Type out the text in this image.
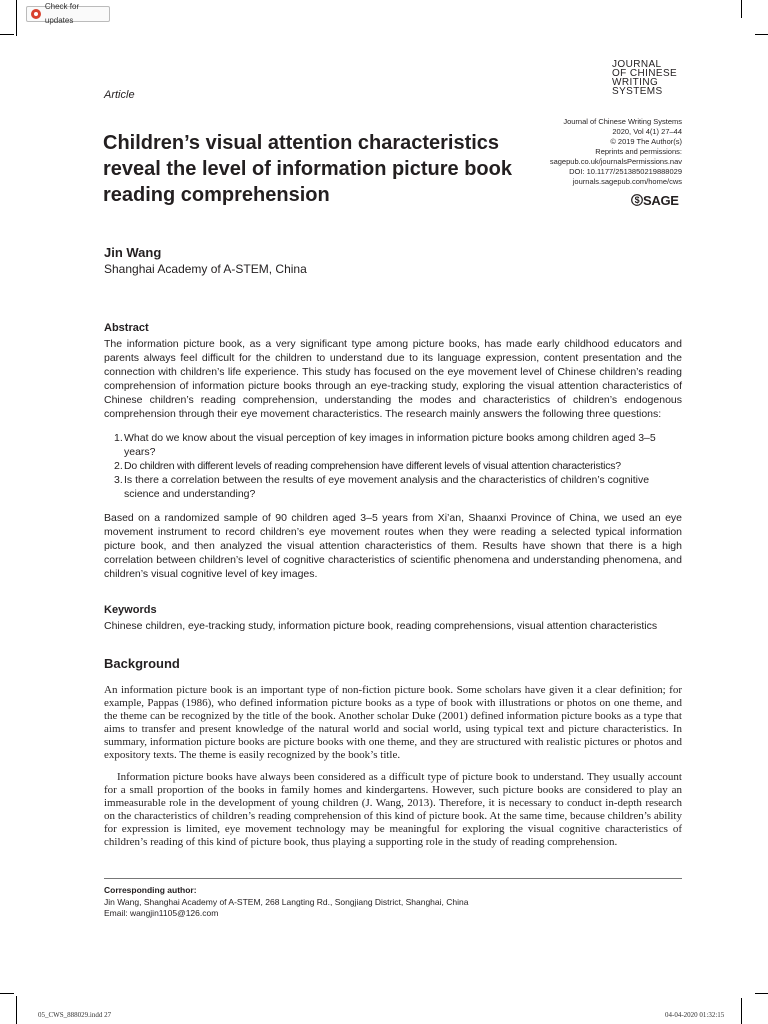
Check for updates
JOURNAL
OF CHINESE
WRITING
SYSTEMS
Article
Children’s visual attention characteristics reveal the level of information picture book reading comprehension
Journal of Chinese Writing Systems
2020, Vol 4(1) 27–44
© 2019 The Author(s)
Reprints and permissions:
sagepub.co.uk/journalsPermissions.nav
DOI: 10.1177/2513850219888029
journals.sagepub.com/home/cws
$ SAGE
Jin Wang
Shanghai Academy of A-STEM, China
Abstract
The information picture book, as a very significant type among picture books, has made early childhood educators and parents always feel difficult for the children to understand due to its language expression, content presentation and the connection with children’s life experience. This study has focused on the eye movement level of Chinese children’s reading comprehension of information picture books through an eye-tracking study, exploring the visual attention characteristics of Chinese children’s reading comprehension, understanding the modes and characteristics of children’s endogenous comprehension through their eye movement characteristics. The research mainly answers the following three questions:
1. What do we know about the visual perception of key images in information picture books among children aged 3–5 years?
2. Do children with different levels of reading comprehension have different levels of visual attention characteristics?
3. Is there a correlation between the results of eye movement analysis and the characteristics of children’s cognitive science and understanding?
Based on a randomized sample of 90 children aged 3–5 years from Xi’an, Shaanxi Province of China, we used an eye movement instrument to record children’s eye movement routes when they were reading a selected typical information picture book, and then analyzed the visual attention characteristics of them. Results have shown that there is a high correlation between children’s level of cognitive characteristics of scientific phenomena and understanding phenomena, and children’s visual cognitive level of key images.
Keywords
Chinese children, eye-tracking study, information picture book, reading comprehensions, visual attention characteristics
Background
An information picture book is an important type of non-fiction picture book. Some scholars have given it a clear definition; for example, Pappas (1986), who defined information picture books as a type of book with illustrations or photos on one theme, and the theme can be recognized by the title of the book. Another scholar Duke (2001) defined information picture books as a type that aims to transfer and present knowledge of the natural world and social world, using typical text and picture characteristics. In summary, information picture books are picture books with one theme, and they are structured with realistic pictures or photos and expository texts. The theme is easily recognized by the book’s title.
Information picture books have always been considered as a difficult type of picture book to understand. They usually account for a small proportion of the books in family homes and kindergartens. However, such picture books are considered to play an immeasurable role in the development of young children (J. Wang, 2013). Therefore, it is necessary to conduct in-depth research on the characteristics of children’s reading comprehension of this kind of picture book. At the same time, because children’s ability for expression is limited, eye movement technology may be meaningful for exploring the visual cognitive characteristics of children’s reading of this kind of picture book, thus playing a supporting role in the study of reading comprehension.
Corresponding author:
Jin Wang, Shanghai Academy of A-STEM, 268 Langting Rd., Songjiang District, Shanghai, China
Email: wangjin1105@126.com
05_CWS_888029.indd 27	04-04-2020 01:32:15
